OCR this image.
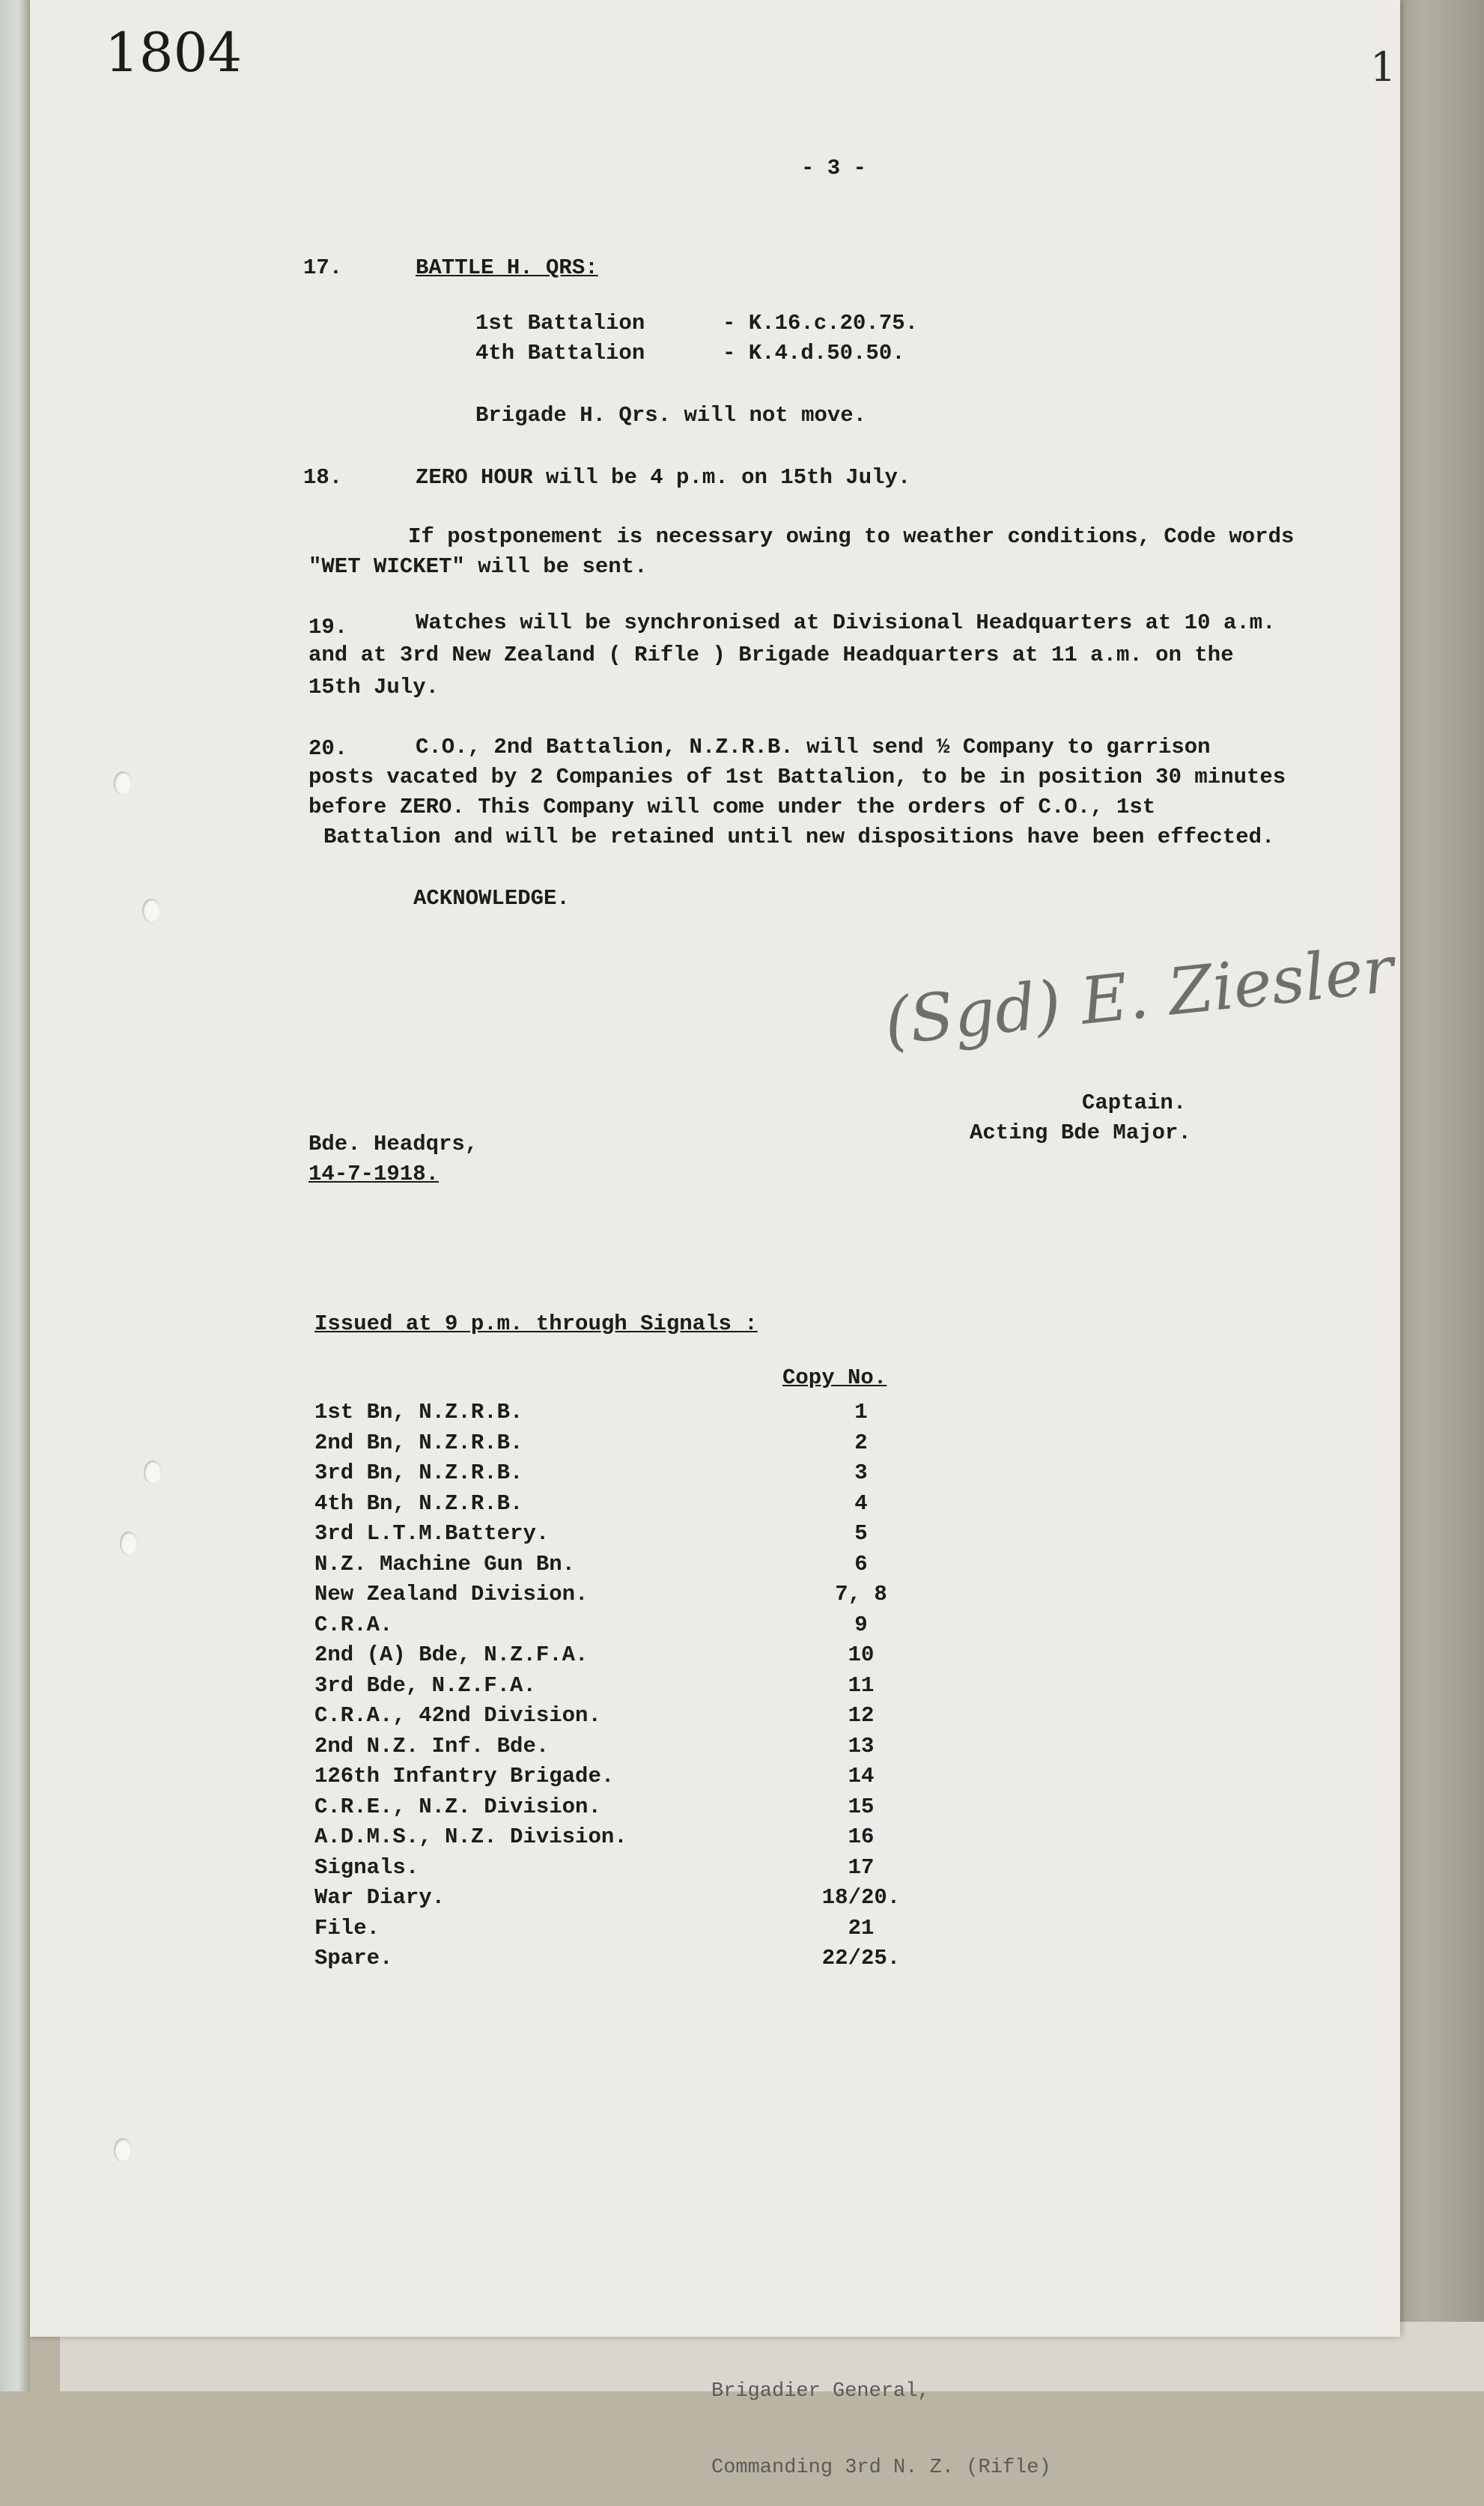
Brigadier General,

Commanding 3rd N. Z. (Rifle)

1804	1
- 3 -
17.	BATTLE H. QRS:
1st Battalion	- K.16.c.20.75.
4th Battalion	- K.4.d.50.50.
Brigade H. Qrs. will not move.
18.	ZERO HOUR will be 4 p.m. on 15th July.
If postponement is necessary owing to weather conditions, Code words
"WET WICKET" will be sent.
19.	Watches will be synchronised at Divisional Headquarters at 10 a.m.
and at 3rd New Zealand ( Rifle ) Brigade Headquarters at 11 a.m. on the
15th July.
20.	C.O., 2nd Battalion, N.Z.R.B. will send ½ Company to garrison
posts vacated by 2 Companies of 1st Battalion, to be in position 30 minutes
before ZERO. This Company will come under the orders of C.O., 1st
Battalion and will be retained until new dispositions have been effected.
ACKNOWLEDGE.
(Sgd) E. Ziesler
Captain.
Acting Bde Major.
Bde. Headqrs,
14-7-1918.
Issued at 9 p.m. through Signals :
Copy No.
1st Bn, N.Z.R.B.	1
2nd Bn, N.Z.R.B.	2
3rd Bn, N.Z.R.B.	3
4th Bn, N.Z.R.B.	4
3rd L.T.M.Battery.	5
N.Z. Machine Gun Bn.	6
New Zealand Division.	7, 8
C.R.A.	9
2nd (A) Bde, N.Z.F.A.	10
3rd Bde, N.Z.F.A.	11
C.R.A., 42nd Division.	12
2nd N.Z. Inf. Bde.	13
126th Infantry Brigade.	14
C.R.E., N.Z. Division.	15
A.D.M.S., N.Z. Division.	16
Signals.	17
War Diary.	18/20.
File.	21
Spare.	22/25.
